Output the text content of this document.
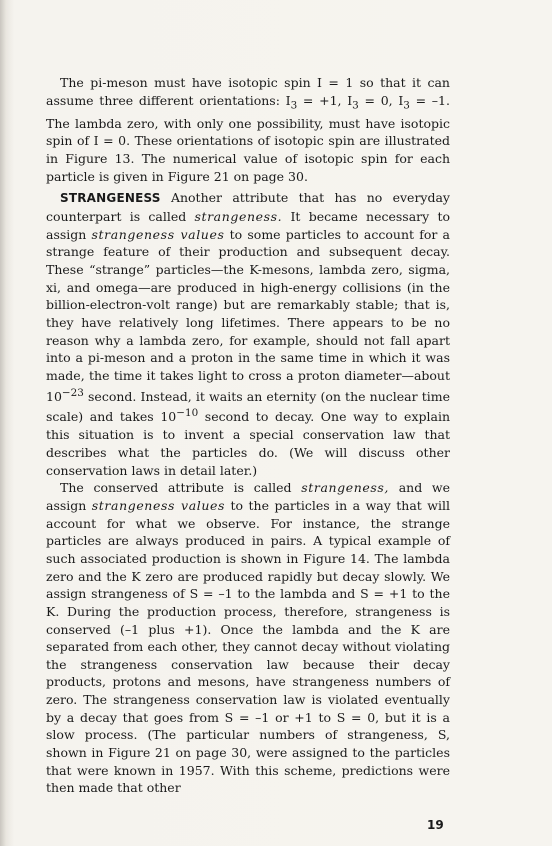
The pi-meson must have isotopic spin I = 1 so that it can assume three different orientations: $I_3 = +1$, $I_3 = 0$, $I_3 = -1$. The lambda zero, with only one possibility, must have isotopic spin of I = 0. These orientations of isotopic spin are illustrated in Figure 13. The numerical value of isotopic spin for each particle is given in Figure 21 on page 30.

STRANGENESS Another attribute that has no everyday counterpart is called strangeness. It became necessary to assign strangeness values to some particles to account for a strange feature of their production and subsequent decay. These “strange” particles—the K-mesons, lambda zero, sigma, xi, and omega—are produced in high-energy collisions (in the billion-electron-volt range) but are remarkably stable; that is, they have relatively long lifetimes. There appears to be no reason why a lambda zero, for example, should not fall apart into a pi-meson and a proton in the same time in which it was made, the time it takes light to cross a proton diameter—about $10^{-23}$ second. Instead, it waits an eternity (on the nuclear time scale) and takes $10^{-10}$ second to decay. One way to explain this situation is to invent a special conservation law that describes what the particles do. (We will discuss other conservation laws in detail later.)

The conserved attribute is called strangeness, and we assign strangeness values to the particles in a way that will account for what we observe. For instance, the strange particles are always produced in pairs. A typical example of such associated production is shown in Figure 14. The lambda zero and the K zero are produced rapidly but decay slowly. We assign strangeness of S = –1 to the lambda and S = +1 to the K. During the production process, therefore, strangeness is conserved (–1 plus +1). Once the lambda and the K are separated from each other, they cannot decay without violating the strangeness conservation law because their decay products, protons and mesons, have strangeness numbers of zero. The strangeness conservation law is violated eventually by a decay that goes from S = –1 or +1 to S = 0, but it is a slow process. (The particular numbers of strangeness, S, shown in Figure 21 on page 30, were assigned to the particles that were known in 1957. With this scheme, predictions were then made that other

19
